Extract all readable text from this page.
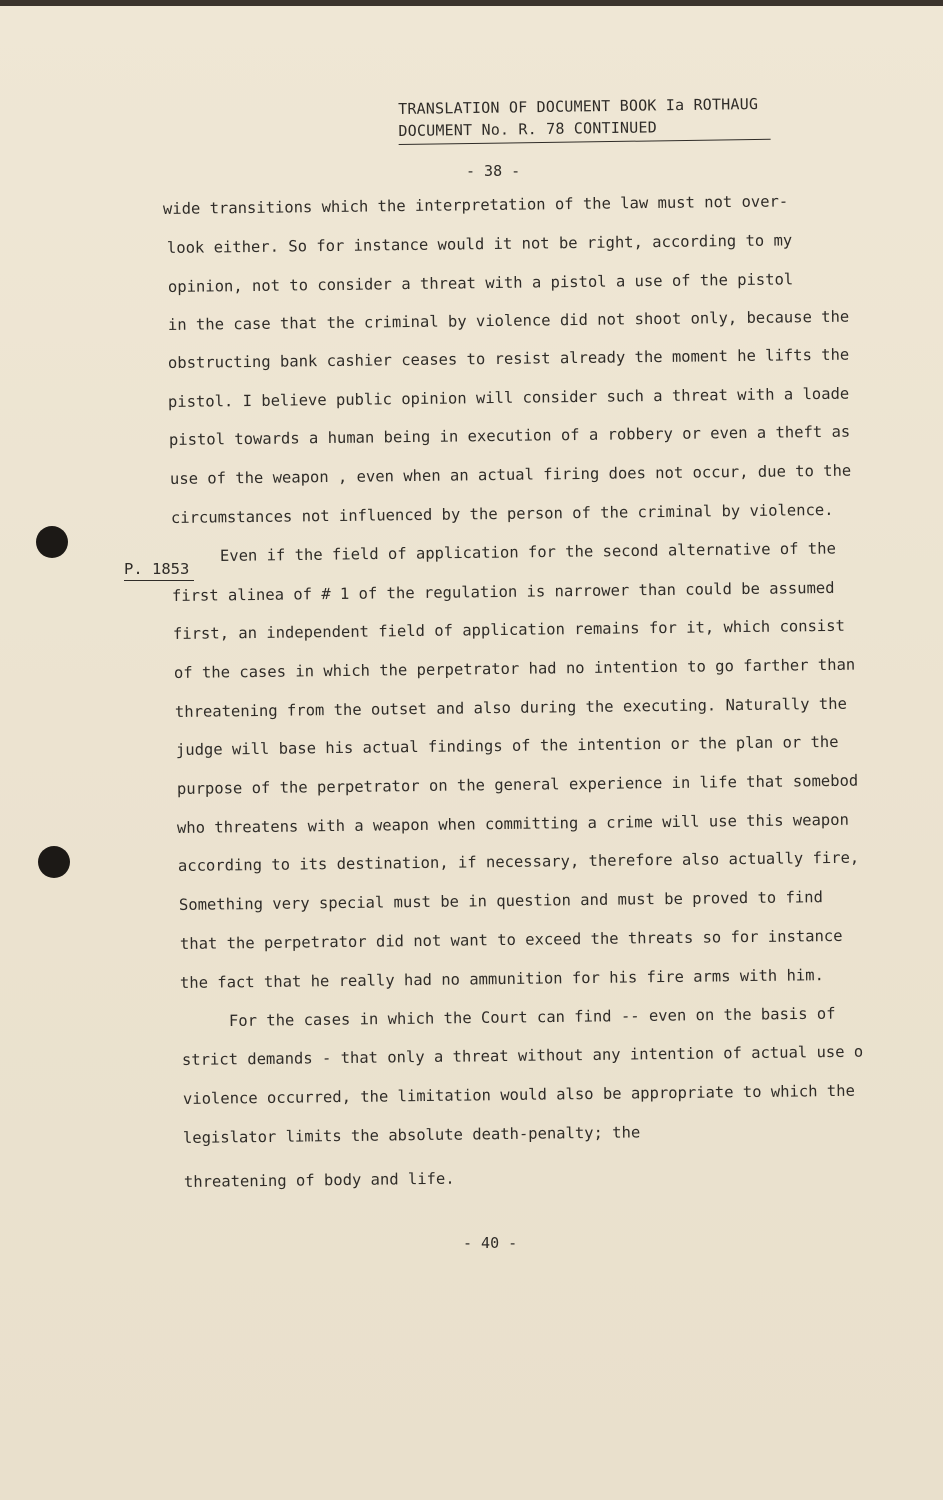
TRANSLATION OF DOCUMENT BOOK Ia ROTHAUG

DOCUMENT No. R. 78 CONTINUED
- 38 -
P. 1853
wide transitions which the interpretation of the law must not over-
look either. So for instance would it not be right, according to my
opinion, not to consider a threat with a pistol a use of the pistol
in the case that the criminal by violence did not shoot only, because the
obstructing bank cashier ceases to resist already the moment he lifts the
pistol. I believe public opinion will consider such a threat with a loade
pistol towards a human being in execution of a robbery or even a theft as
use of the weapon , even when an actual firing does not occur, due to the
circumstances not influenced by the person of the criminal by violence.
Even if the field of application for the second alternative of the
first alinea of # 1 of the regulation is narrower than could be assumed
first, an independent field of application remains for it, which consist
of the cases in which the perpetrator had no intention to go farther than
threatening from the outset and also during the executing. Naturally the
judge will base his actual findings of the intention or the plan or the
purpose of the perpetrator on the general experience in life that somebod
who threatens with a weapon when committing a crime will use this weapon
according to its destination, if necessary, therefore also actually fire,
Something very special must be in question and must be proved to find
that the perpetrator did not want to exceed the threats so for instance
the fact that he really had no ammunition for his fire arms with him.
For the cases in which the Court can find -- even on the basis of
strict demands - that only a threat without any intention of actual use o
violence occurred, the limitation would also be appropriate to which the
legislator limits the absolute death-penalty; the
threatening of body and life.
- 40 -
